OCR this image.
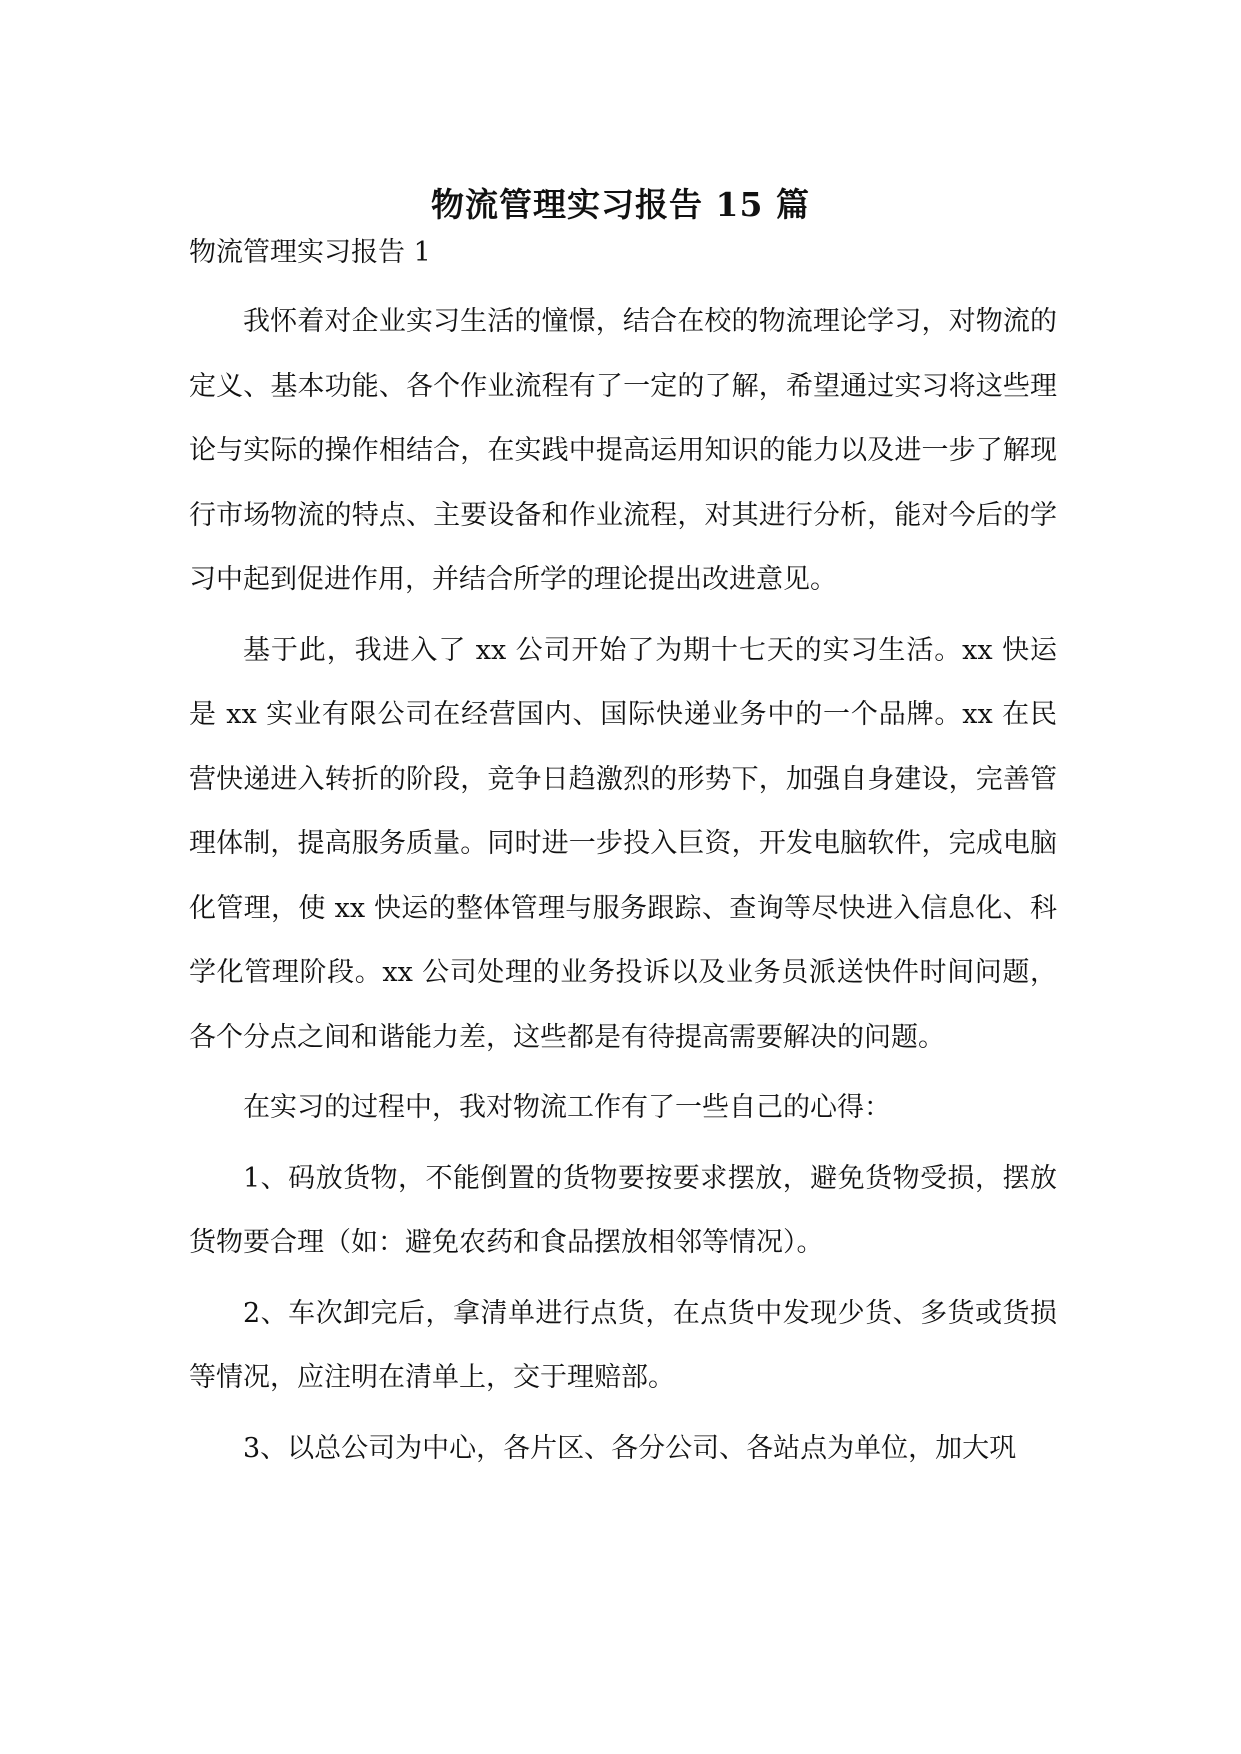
物流管理实习报告 15 篇
物流管理实习报告 1

我怀着对企业实习生活的憧憬，结合在校的物流理论学习，对物流的定义、基本功能、各个作业流程有了一定的了解，希望通过实习将这些理论与实际的操作相结合，在实践中提高运用知识的能力以及进一步了解现行市场物流的特点、主要设备和作业流程，对其进行分析，能对今后的学习中起到促进作用，并结合所学的理论提出改进意见。

基于此，我进入了 xx 公司开始了为期十七天的实习生活。xx 快运是 xx 实业有限公司在经营国内、国际快递业务中的一个品牌。xx 在民营快递进入转折的阶段，竞争日趋激烈的形势下，加强自身建设，完善管理体制，提高服务质量。同时进一步投入巨资，开发电脑软件，完成电脑化管理，使 xx 快运的整体管理与服务跟踪、查询等尽快进入信息化、科学化管理阶段。xx 公司处理的业务投诉以及业务员派送快件时间问题，各个分点之间和谐能力差，这些都是有待提高需要解决的问题。

在实习的过程中，我对物流工作有了一些自己的心得：

1、码放货物，不能倒置的货物要按要求摆放，避免货物受损，摆放货物要合理（如：避免农药和食品摆放相邻等情况）。

2、车次卸完后，拿清单进行点货，在点货中发现少货、多货或货损等情况，应注明在清单上，交于理赔部。

3、以总公司为中心，各片区、各分公司、各站点为单位，加大巩
